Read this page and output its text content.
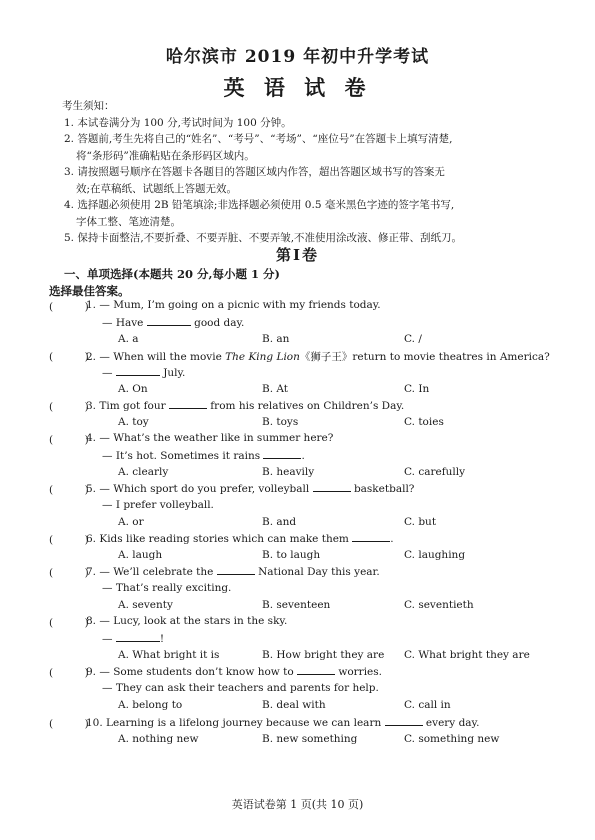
哈尔滨市 2019 年初中升学考试
英 语 试 卷
考生须知：
1. 本试卷满分为 100 分,考试时间为 100 分钟。
2. 答题前,考生先将自己的“姓名”、“考号”、“考场”、“座位号”在答题卡上填写清楚,
将“条形码”准确粘贴在条形码区域内。
3. 请按照题号顺序在答题卡各题目的答题区域内作答，超出答题区域书写的答案无
效;在草稿纸、试题纸上答题无效。
4. 选择题必须使用 2B 铅笔填涂;非选择题必须使用 0.5 毫米黑色字迹的签字笔书写,
字体工整、笔迹清楚。
5. 保持卡面整洁,不要折叠、不要弄脏、不要弄皱,不准使用涂改液、修正带、刮纸刀。
第Ⅰ卷
一、单项选择(本题共 20 分,每小题 1 分)
选择最佳答案。
(　　　)
1. — Mum, I’m going on a picnic with my friends today.
— Have	good day.
A. a	B. an	C. /
(　　　)
2. — When will the movie The King Lion《狮子王》return to movie theatres in America?
—	July.
A. On	B. At	C. In
(　　　)
3. Tim got four	from his relatives on Children’s Day.
A. toy	B. toys	C. toies
(　　　)
4. — What’s the weather like in summer here?
— It’s hot. Sometimes it rains	.
A. clearly	B. heavily	C. carefully
(　　　)
5. — Which sport do you prefer, volleyball	basketball?
— I prefer volleyball.
A. or	B. and	C. but
(　　　)
6. Kids like reading stories which can make them	.
A. laugh	B. to laugh	C. laughing
(　　　)
7. — We’ll celebrate the	National Day this year.
— That’s really exciting.
A. seventy	B. seventeen	C. seventieth
(　　　)
8. — Lucy, look at the stars in the sky.
—	!
A. What bright it is	B. How bright they are C. What bright they are
(　　　)
9. — Some students don’t know how to	worries.
— They can ask their teachers and parents for help.
A. belong to	B. deal with	C. call in
(　　　)
10. Learning is a lifelong journey because we can learn	every day.
A. nothing new	B. new something	C. something new
英语试卷第 1 页(共 10 页)
